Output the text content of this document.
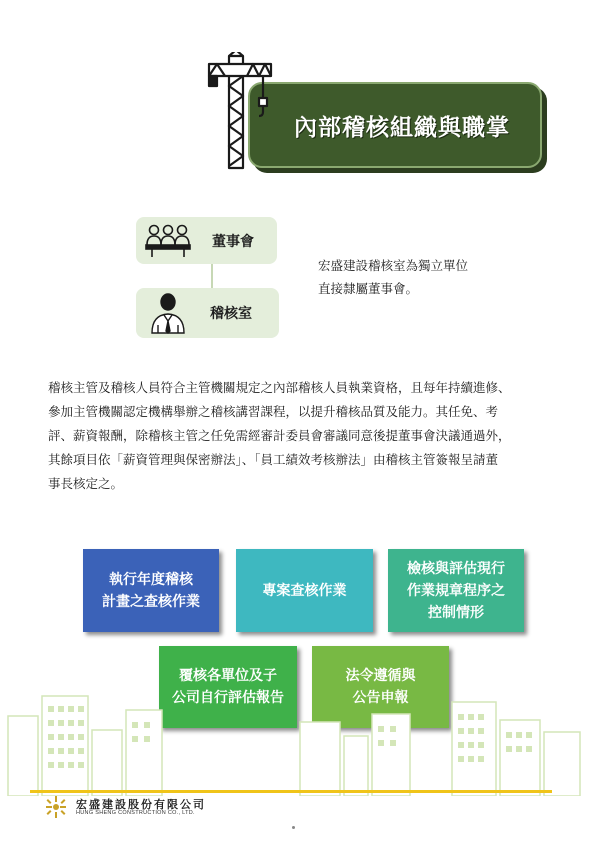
內部稽核組織與職掌
董事會
稽核室
宏盛建設稽核室為獨立單位
直接隸屬董事會。
稽核主管及稽核人員符合主管機關規定之內部稽核人員執業資格，且每年持續進修、
參加主管機關認定機構舉辦之稽核講習課程，以提升稽核品質及能力。其任免、考
評、薪資報酬，除稽核主管之任免需經審計委員會審議同意後提董事會決議通過外，
其餘項目依「薪資管理與保密辦法」、「員工績效考核辦法」由稽核主管簽報呈請董
事長核定之。
執行年度稽核
計畫之查核作業
專案查核作業
檢核與評估現行
作業規章程序之
控制情形
覆核各單位及子
公司自行評估報告
法令遵循與
公告申報
宏盛建設股份有限公司
HUNG SHENG CONSTRUCTION CO., LTD.
